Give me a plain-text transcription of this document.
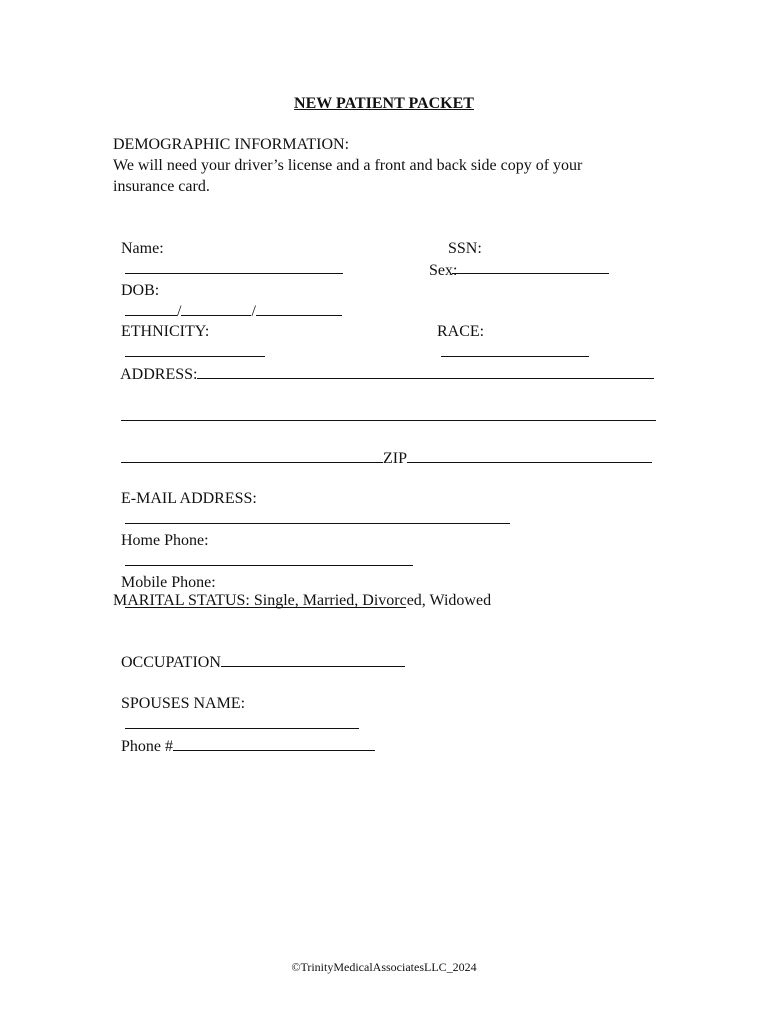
NEW PATIENT PACKET
DEMOGRAPHIC INFORMATION:
We will need your driver’s license and a front and back side copy of your
insurance card.

Name:
	SSN:

DOB:
/	/

Sex:

ETHNICITY:
	RACE:

ADDRESS:

ZIP

E-MAIL ADDRESS:

Home Phone:

Mobile Phone:

MARITAL STATUS: Single, Married, Divorced, Widowed

OCCUPATION

SPOUSES NAME:

Phone #

©TrinityMedicalAssociatesLLC_2024
